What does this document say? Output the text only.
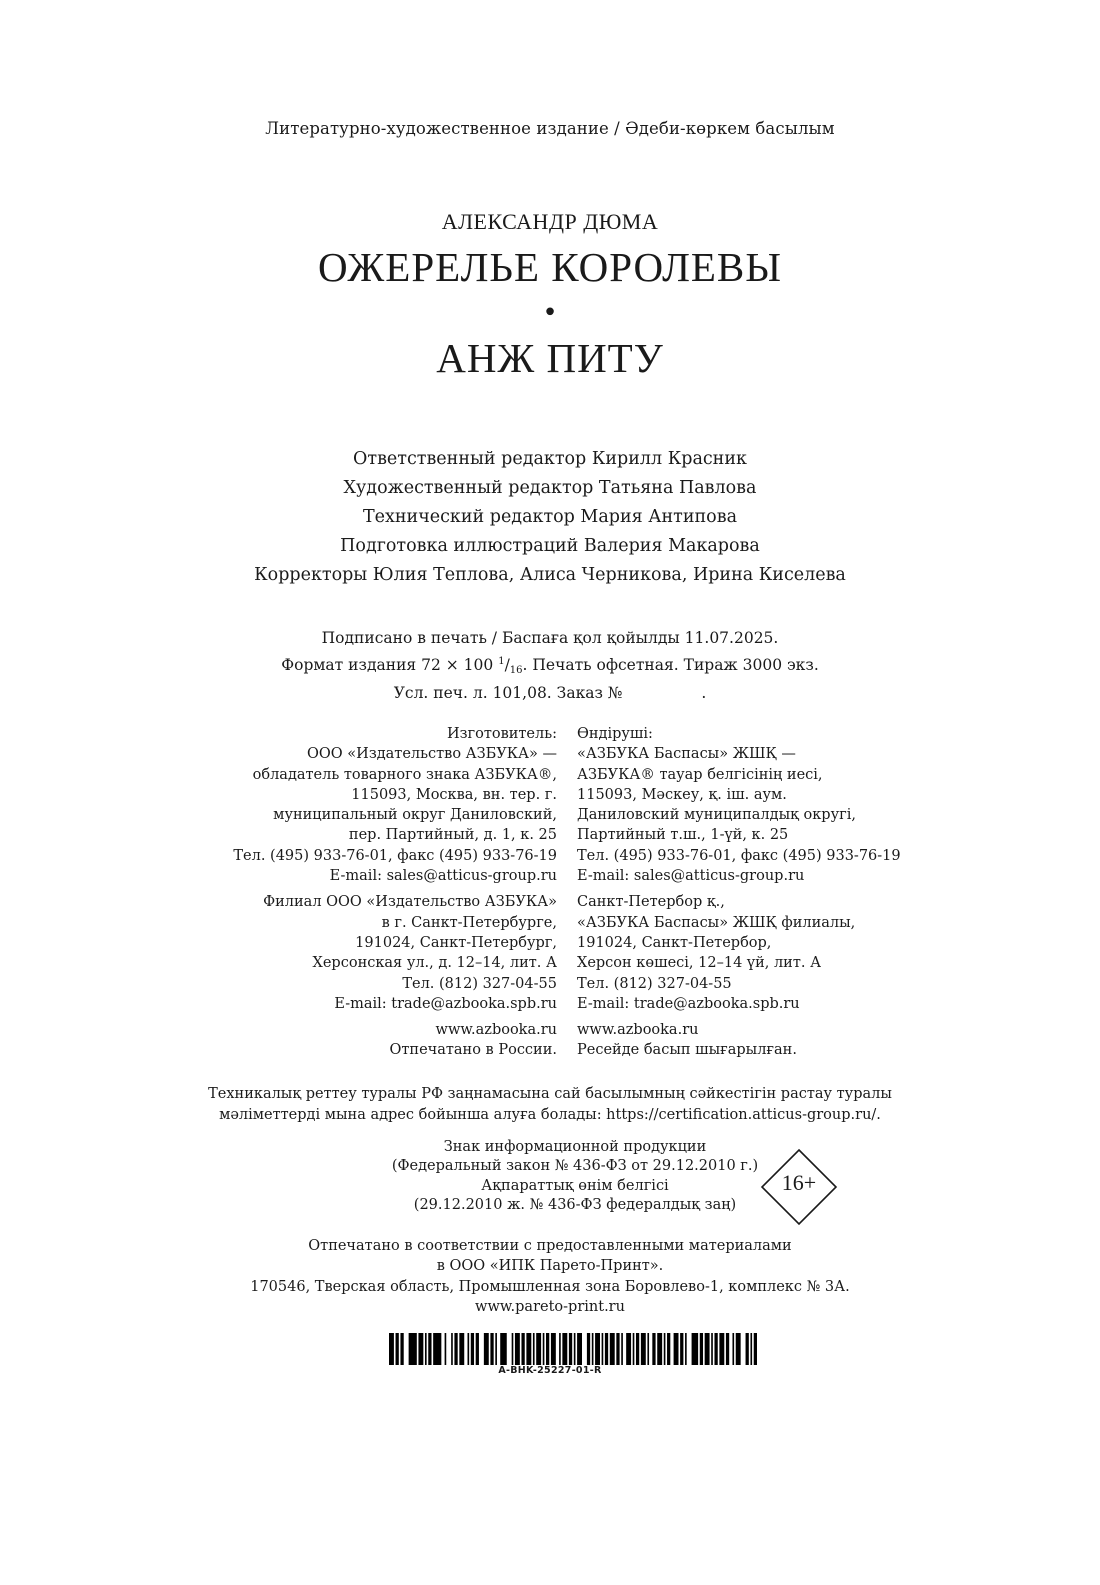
Литературно-художественное издание / Әдеби-көркем басылым
АЛЕКСАНДР ДЮМА
ОЖЕРЕЛЬЕ КОРОЛЕВЫ
•
АНЖ ПИТУ
Ответственный редактор Кирилл Красник
Художественный редактор Татьяна Павлова
Технический редактор Мария Антипова
Подготовка иллюстраций Валерия Макарова
Корректоры Юлия Теплова, Алиса Черникова, Ирина Киселева
Подписано в печать / Баспаға қол қойылды 11.07.2025.
Формат издания 72 × 100 $^1/_{16}$. Печать офсетная. Тираж 3000 экз.
Усл. печ. л. 101,08. Заказ №                .
Изготовитель:
ООО «Издательство АЗБУКА» —
обладатель товарного знака АЗБУКА®,
115093, Москва, вн. тер. г.
муниципальный округ Даниловский,
пер. Партийный, д. 1, к. 25
Тел. (495) 933-76-01, факс (495) 933-76-19
E-mail: sales@atticus-group.ru
Филиал ООО «Издательство АЗБУКА»
в г. Санкт-Петербурге,
191024, Санкт-Петербург,
Херсонская ул., д. 12–14, лит. А
Тел. (812) 327-04-55
E-mail: trade@azbooka.spb.ru
www.azbooka.ru
Отпечатано в России.
Өндіруші:
«АЗБУКА Баспасы» ЖШҚ —
АЗБУКА® тауар белгісінің иесі,
115093, Мәскеу, қ. іш. аум.
Даниловский муниципалдық округі,
Партийный т.ш., 1-үй, к. 25
Тел. (495) 933-76-01, факс (495) 933-76-19
E-mail: sales@atticus-group.ru
Санкт-Петербор қ.,
«АЗБУКА Баспасы» ЖШҚ филиалы,
191024, Санкт-Петербор,
Херсон көшесі, 12–14 үй, лит. А
Тел. (812) 327-04-55
E-mail: trade@azbooka.spb.ru
www.azbooka.ru
Ресейде басып шығарылған.
Техникалық реттеу туралы РФ заңнамасына сай басылымның сәйкестігін растау туралы
мәліметтерді мына адрес бойынша алуға болады: https://certification.atticus-group.ru/.
Знак информационной продукции
(Федеральный закон № 436-ФЗ от 29.12.2010 г.)
Ақпараттық өнім белгісі
(29.12.2010 ж. № 436-ФЗ федералдық заң)
16+
Отпечатано в соответствии с предоставленными материалами
в ООО «ИПК Парето-Принт».
170546, Тверская область, Промышленная зона Боровлево-1, комплекс № 3А.
www.pareto-print.ru
A-BHK-25227-01-R
